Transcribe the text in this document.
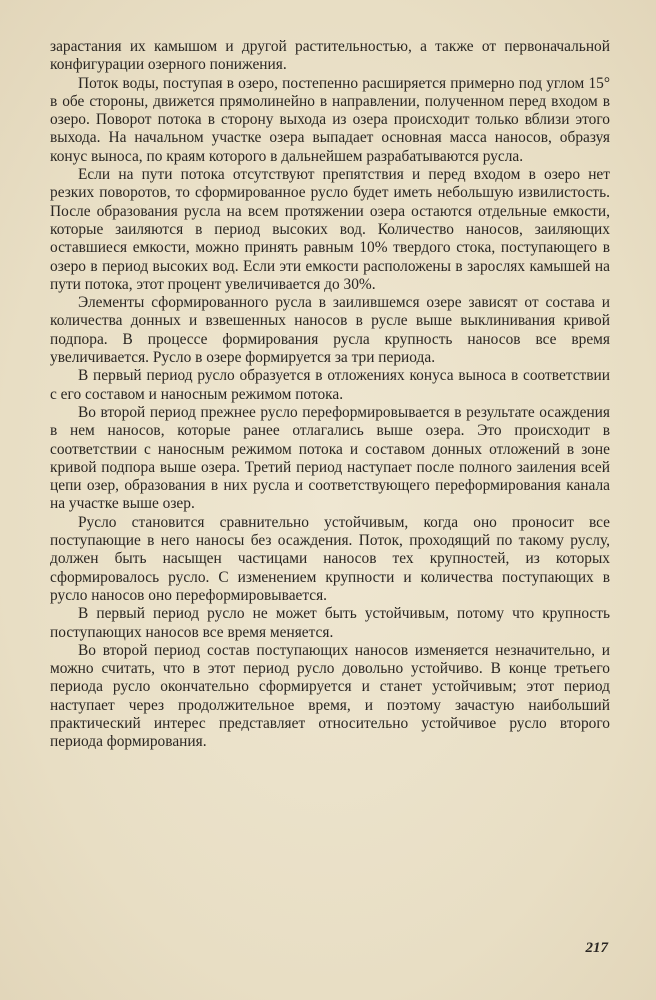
зарастания их камышом и другой растительностью, а также от первоначальной конфигурации озерного понижения.

Поток воды, поступая в озеро, постепенно расширяется примерно под углом 15° в обе стороны, движется прямолинейно в направлении, полученном перед входом в озеро. Поворот потока в сторону выхода из озера происходит только вблизи этого выхода. На начальном участке озера выпадает основная масса наносов, образуя конус выноса, по краям которого в дальнейшем разрабатываются русла.

Если на пути потока отсутствуют препятствия и перед входом в озеро нет резких поворотов, то сформированное русло будет иметь небольшую извилистость. После образования русла на всем протяжении озера остаются отдельные емкости, которые заиляются в период высоких вод. Количество наносов, заиляющих оставшиеся емкости, можно принять равным 10% твердого стока, поступающего в озеро в период высоких вод. Если эти емкости расположены в зарослях камышей на пути потока, этот процент увеличивается до 30%.

Элементы сформированного русла в заилившемся озере зависят от состава и количества донных и взвешенных наносов в русле выше выклинивания кривой подпора. В процессе формирования русла крупность наносов все время увеличивается. Русло в озере формируется за три периода.

В первый период русло образуется в отложениях конуса выноса в соответствии с его составом и наносным режимом потока.

Во второй период прежнее русло переформировывается в результате осаждения в нем наносов, которые ранее отлагались выше озера. Это происходит в соответствии с наносным режимом потока и составом донных отложений в зоне кривой подпора выше озера. Третий период наступает после полного заиления всей цепи озер, образования в них русла и соответствующего переформирования канала на участке выше озер.

Русло становится сравнительно устойчивым, когда оно проносит все поступающие в него наносы без осаждения. Поток, проходящий по такому руслу, должен быть насыщен частицами наносов тех крупностей, из которых сформировалось русло. С изменением крупности и количества поступающих в русло наносов оно переформировывается.

В первый период русло не может быть устойчивым, потому что крупность поступающих наносов все время меняется.

Во второй период состав поступающих наносов изменяется незначительно, и можно считать, что в этот период русло довольно устойчиво. В конце третьего периода русло окончательно сформируется и станет устойчивым; этот период наступает через продолжительное время, и поэтому зачастую наибольший практический интерес представляет относительно устойчивое русло второго периода формирования.

217
